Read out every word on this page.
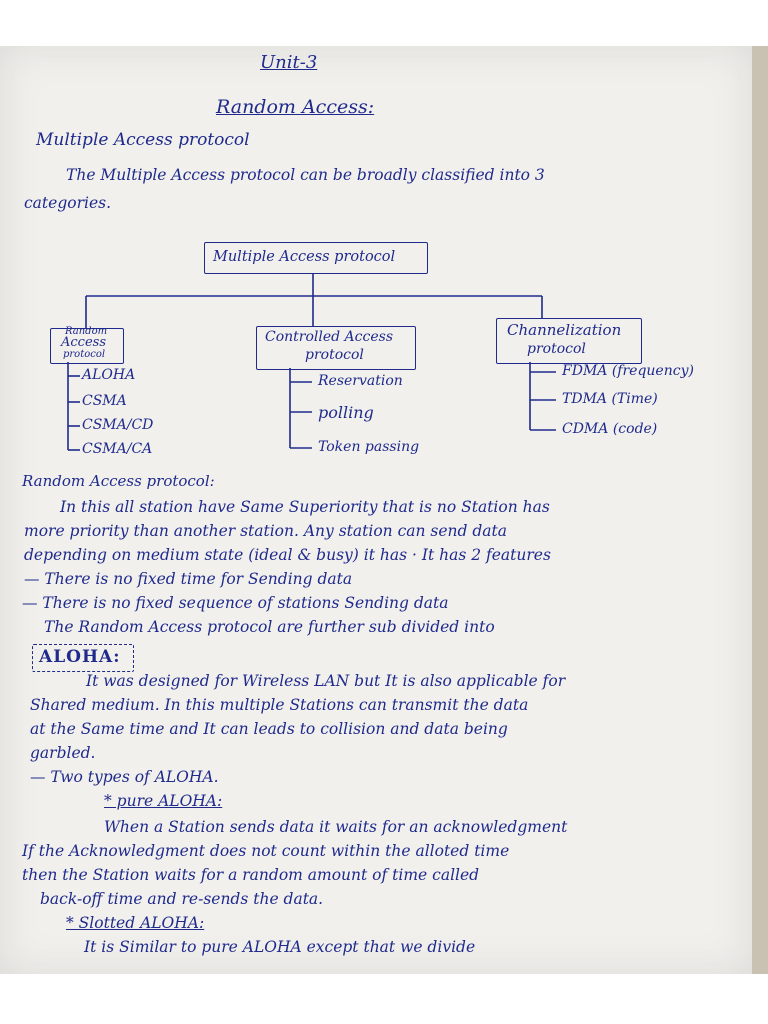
Unit-3
Random Access:
Multiple Access protocol
The Multiple Access protocol can be broadly classified into 3
categories.
Multiple Access protocol
Random
Access
protocol
Controlled Access
protocol
Channelization
protocol
ALOHA
CSMA
CSMA/CD
CSMA/CA
Reservation
polling
Token passing
FDMA (frequency)
TDMA (Time)
CDMA (code)
Random Access protocol:
In this all station have Same Superiority that is no Station has
more priority than another station. Any station can send data
depending on medium state (ideal & busy) it has · It has 2 features
— There is no fixed time for Sending data
— There is no fixed sequence of stations Sending data
The Random Access protocol are further sub divided into
ALOHA:
It was designed for Wireless LAN but It is also applicable for
Shared medium. In this multiple Stations can transmit the data
at the Same time and It can leads to collision and data being
garbled.
— Two types of ALOHA.
* pure ALOHA:
When a Station sends data it waits for an acknowledgment
If the Acknowledgment does not count within the alloted time
then the Station waits for a random amount of time called
back-off time and re-sends the data.
* Slotted ALOHA:
It is Similar to pure ALOHA except that we divide
